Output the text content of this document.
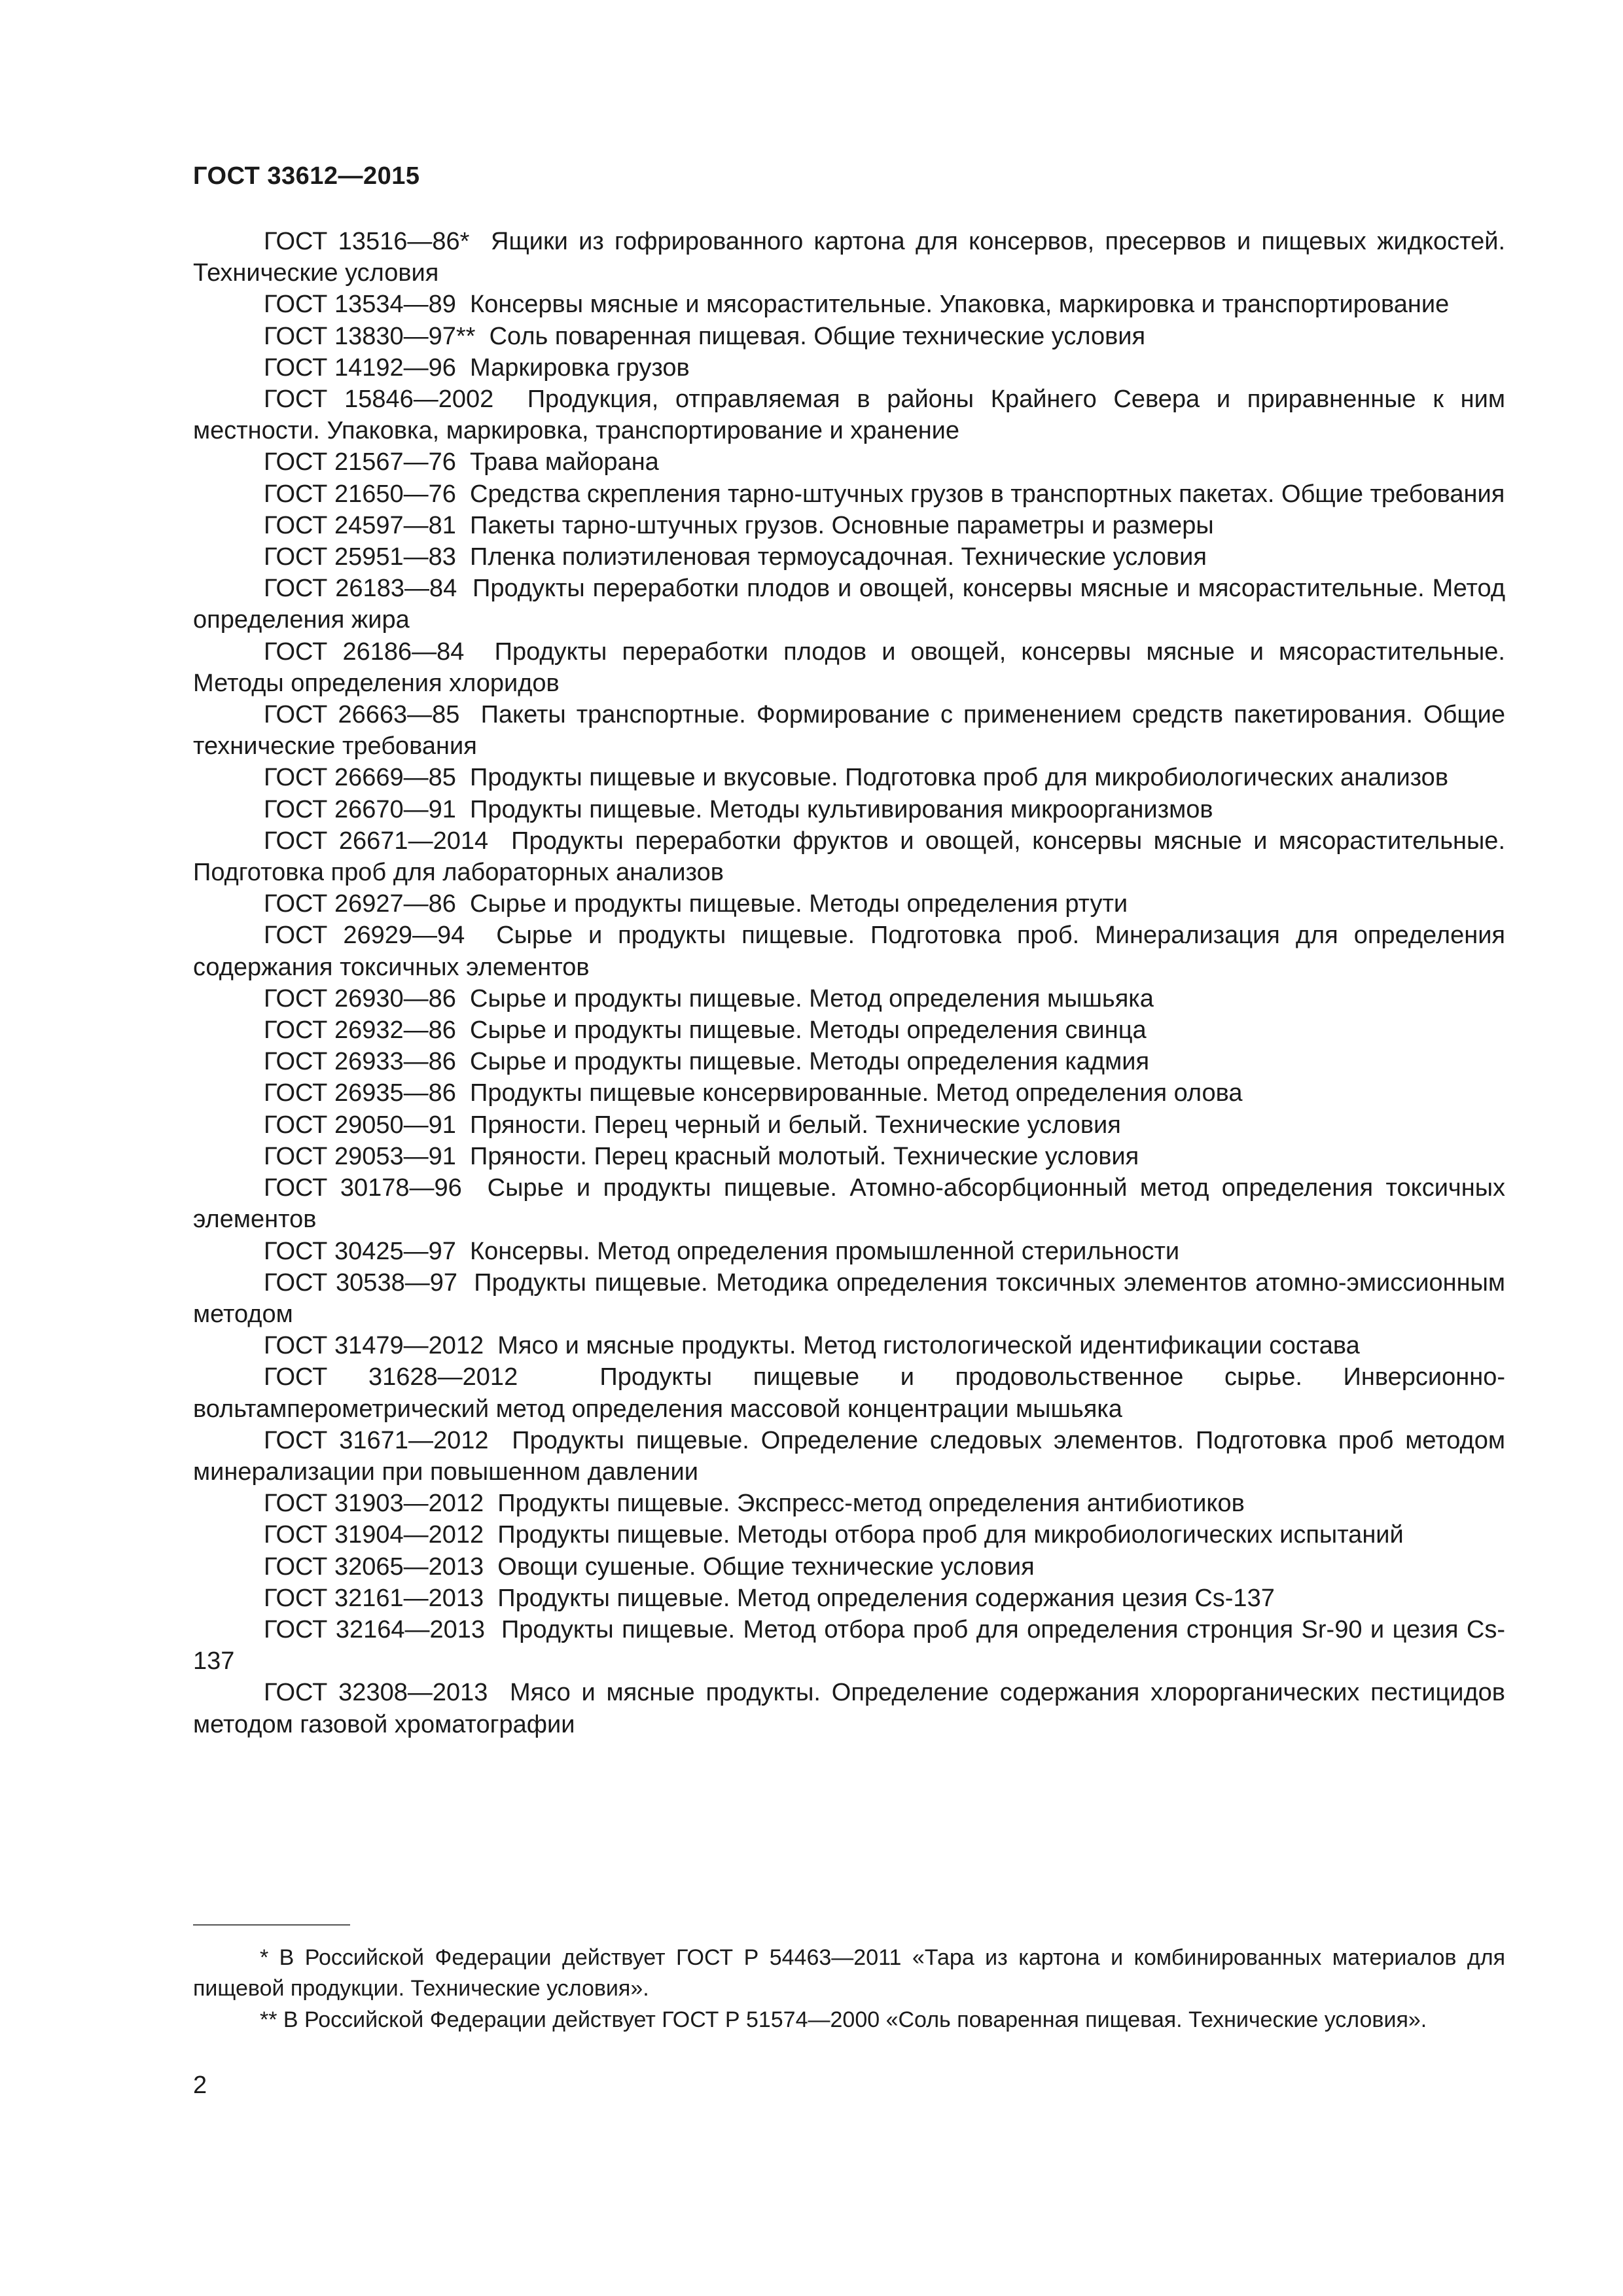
ГОСТ 33612—2015

ГОСТ 13516—86* Ящики из гофрированного картона для консервов, пресервов и пищевых жидкостей. Технические условия

ГОСТ 13534—89 Консервы мясные и мясорастительные. Упаковка, маркировка и транспортирование

ГОСТ 13830—97** Соль поваренная пищевая. Общие технические условия

ГОСТ 14192—96 Маркировка грузов

ГОСТ 15846—2002 Продукция, отправляемая в районы Крайнего Севера и приравненные к ним местности. Упаковка, маркировка, транспортирование и хранение

ГОСТ 21567—76 Трава майорана

ГОСТ 21650—76 Средства скрепления тарно-штучных грузов в транспортных пакетах. Общие требования

ГОСТ 24597—81 Пакеты тарно-штучных грузов. Основные параметры и размеры

ГОСТ 25951—83 Пленка полиэтиленовая термоусадочная. Технические условия

ГОСТ 26183—84 Продукты переработки плодов и овощей, консервы мясные и мясорастительные. Метод определения жира

ГОСТ 26186—84 Продукты переработки плодов и овощей, консервы мясные и мясорастительные. Методы определения хлоридов

ГОСТ 26663—85 Пакеты транспортные. Формирование с применением средств пакетирования. Общие технические требования

ГОСТ 26669—85 Продукты пищевые и вкусовые. Подготовка проб для микробиологических анализов

ГОСТ 26670—91 Продукты пищевые. Методы культивирования микроорганизмов

ГОСТ 26671—2014 Продукты переработки фруктов и овощей, консервы мясные и мясорастительные. Подготовка проб для лабораторных анализов

ГОСТ 26927—86 Сырье и продукты пищевые. Методы определения ртути

ГОСТ 26929—94 Сырье и продукты пищевые. Подготовка проб. Минерализация для определения содержания токсичных элементов

ГОСТ 26930—86 Сырье и продукты пищевые. Метод определения мышьяка

ГОСТ 26932—86 Сырье и продукты пищевые. Методы определения свинца

ГОСТ 26933—86 Сырье и продукты пищевые. Методы определения кадмия

ГОСТ 26935—86 Продукты пищевые консервированные. Метод определения олова

ГОСТ 29050—91 Пряности. Перец черный и белый. Технические условия

ГОСТ 29053—91 Пряности. Перец красный молотый. Технические условия

ГОСТ 30178—96 Сырье и продукты пищевые. Атомно-абсорбционный метод определения токсичных элементов

ГОСТ 30425—97 Консервы. Метод определения промышленной стерильности

ГОСТ 30538—97 Продукты пищевые. Методика определения токсичных элементов атомно-эмиссионным методом

ГОСТ 31479—2012 Мясо и мясные продукты. Метод гистологической идентификации состава

ГОСТ 31628—2012	Продукты пищевые и продовольственное сырье. Инверсионно-вольтамперометрический метод определения массовой концентрации мышьяка

ГОСТ 31671—2012 Продукты пищевые. Определение следовых элементов. Подготовка проб методом минерализации при повышенном давлении

ГОСТ 31903—2012 Продукты пищевые. Экспресс-метод определения антибиотиков

ГОСТ 31904—2012 Продукты пищевые. Методы отбора проб для микробиологических испытаний

ГОСТ 32065—2013 Овощи сушеные. Общие технические условия

ГОСТ 32161—2013 Продукты пищевые. Метод определения содержания цезия Cs-137

ГОСТ 32164—2013 Продукты пищевые. Метод отбора проб для определения стронция Sr-90 и цезия Cs-137

ГОСТ 32308—2013 Мясо и мясные продукты. Определение содержания хлорорганических пестицидов методом газовой хроматографии

* В Российской Федерации действует ГОСТ Р 54463—2011 «Тара из картона и комбинированных материалов для пищевой продукции. Технические условия».

** В Российской Федерации действует ГОСТ Р 51574—2000 «Соль поваренная пищевая. Технические условия».

2
